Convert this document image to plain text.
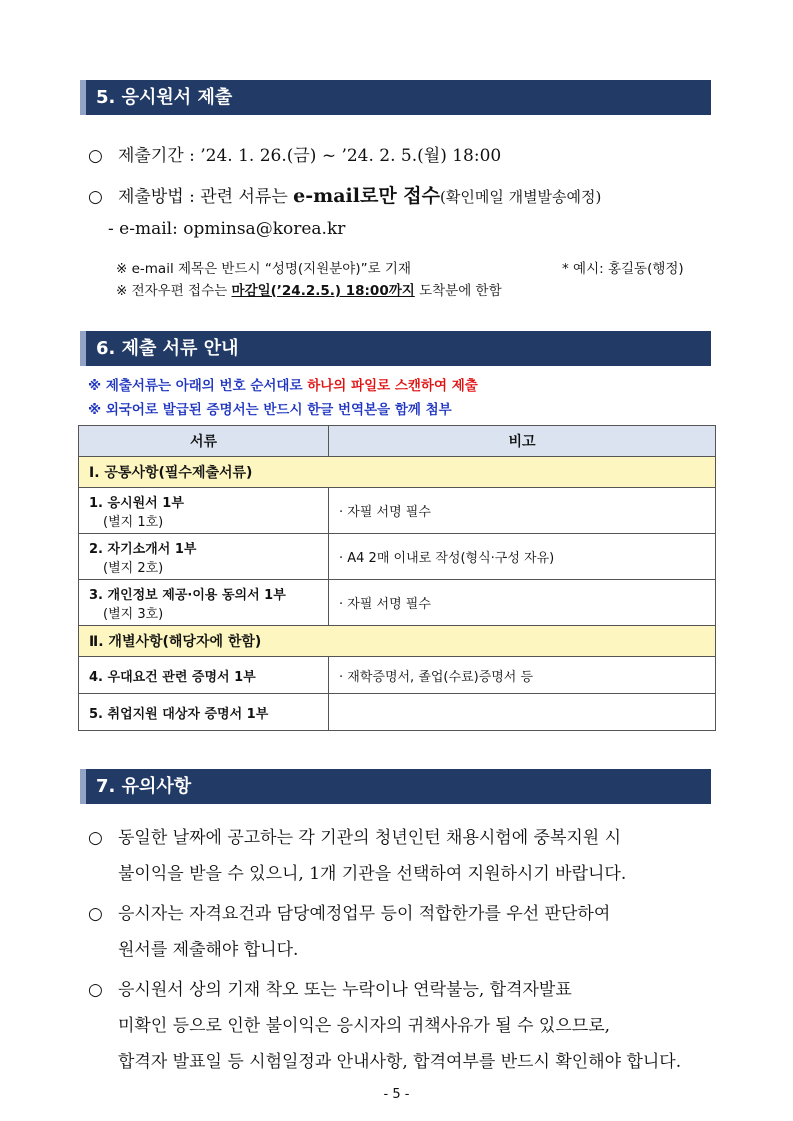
5. 응시원서 제출
○ 제출기간 : ’24. 1. 26.(금) ~ ’24. 2. 5.(월) 18:00
○ 제출방법 : 관련 서류는 e-mail로만 접수(확인메일 개별발송예정)
- e-mail: opminsa@korea.kr
※ e-mail 제목은 반드시 “성명(지원분야)”로 기재	* 예시: 홍길동(행정)
※ 전자우편 접수는 마감일(’24.2.5.) 18:00까지 도착분에 한함
6. 제출 서류 안내
※ 제출서류는 아래의 번호 순서대로 하나의 파일로 스캔하여 제출
※ 외국어로 발급된 증명서는 반드시 한글 번역본을 함께 첨부
서류	비고
Ⅰ. 공통사항(필수제출서류)	
1. 응시원서 1부
(별지 1호)	· 자필 서명 필수
2. 자기소개서 1부
(별지 2호)	· A4 2매 이내로 작성(형식·구성 자유)
3. 개인정보 제공·이용 동의서 1부
(별지 3호)	· 자필 서명 필수
Ⅱ. 개별사항(해당자에 한함)	
4. 우대요건 관련 증명서 1부	· 재학증명서, 졸업(수료)증명서 등
5. 취업지원 대상자 증명서 1부	
7. 유의사항
○ 동일한 날짜에 공고하는 각 기관의 청년인턴 채용시험에 중복지원 시
불이익을 받을 수 있으니, 1개 기관을 선택하여 지원하시기 바랍니다.
○ 응시자는 자격요건과 담당예정업무 등이 적합한가를 우선 판단하여
원서를 제출해야 합니다.
○ 응시원서 상의 기재 착오 또는 누락이나 연락불능, 합격자발표
미확인 등으로 인한 불이익은 응시자의 귀책사유가 될 수 있으므로,
합격자 발표일 등 시험일정과 안내사항, 합격여부를 반드시 확인해야 합니다.
- 5 -
